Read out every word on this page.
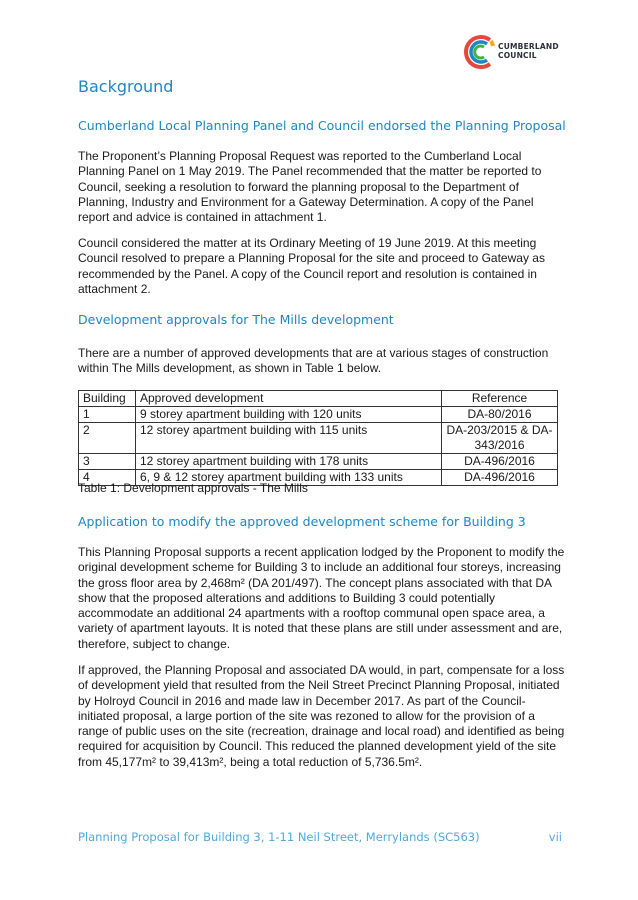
CUMBERLAND
COUNCIL
Background
Cumberland Local Planning Panel and Council endorsed the Planning Proposal
The Proponent’s Planning Proposal Request was reported to the Cumberland Local Planning Panel on 1 May 2019. The Panel recommended that the matter be reported to Council, seeking a resolution to forward the planning proposal to the Department of Planning, Industry and Environment for a Gateway Determination. A copy of the Panel report and advice is contained in attachment 1.
Council considered the matter at its Ordinary Meeting of 19 June 2019. At this meeting Council resolved to prepare a Planning Proposal for the site and proceed to Gateway as recommended by the Panel. A copy of the Council report and resolution is contained in attachment 2.
Development approvals for The Mills development
There are a number of approved developments that are at various stages of construction within The Mills development, as shown in Table 1 below.
Building	Approved development	Reference
1	9 storey apartment building with 120 units	DA-80/2016
2	12 storey apartment building with 115 units	DA-203/2015 & DA-343/2016
3	12 storey apartment building with 178 units	DA-496/2016
4	6, 9 & 12 storey apartment building with 133 units	DA-496/2016
Table 1: Development approvals - The Mills
Application to modify the approved development scheme for Building 3
This Planning Proposal supports a recent application lodged by the Proponent to modify the original development scheme for Building 3 to include an additional four storeys, increasing the gross floor area by 2,468m² (DA 201/497). The concept plans associated with that DA show that the proposed alterations and additions to Building 3 could potentially accommodate an additional 24 apartments with a rooftop communal open space area, a variety of apartment layouts. It is noted that these plans are still under assessment and are, therefore, subject to change.
If approved, the Planning Proposal and associated DA would, in part, compensate for a loss of development yield that resulted from the Neil Street Precinct Planning Proposal, initiated by Holroyd Council in 2016 and made law in December 2017. As part of the Council-initiated proposal, a large portion of the site was rezoned to allow for the provision of a range of public uses on the site (recreation, drainage and local road) and identified as being required for acquisition by Council. This reduced the planned development yield of the site from 45,177m² to 39,413m², being a total reduction of 5,736.5m².
Planning Proposal for Building 3, 1-11 Neil Street, Merrylands (SC563)	vii
